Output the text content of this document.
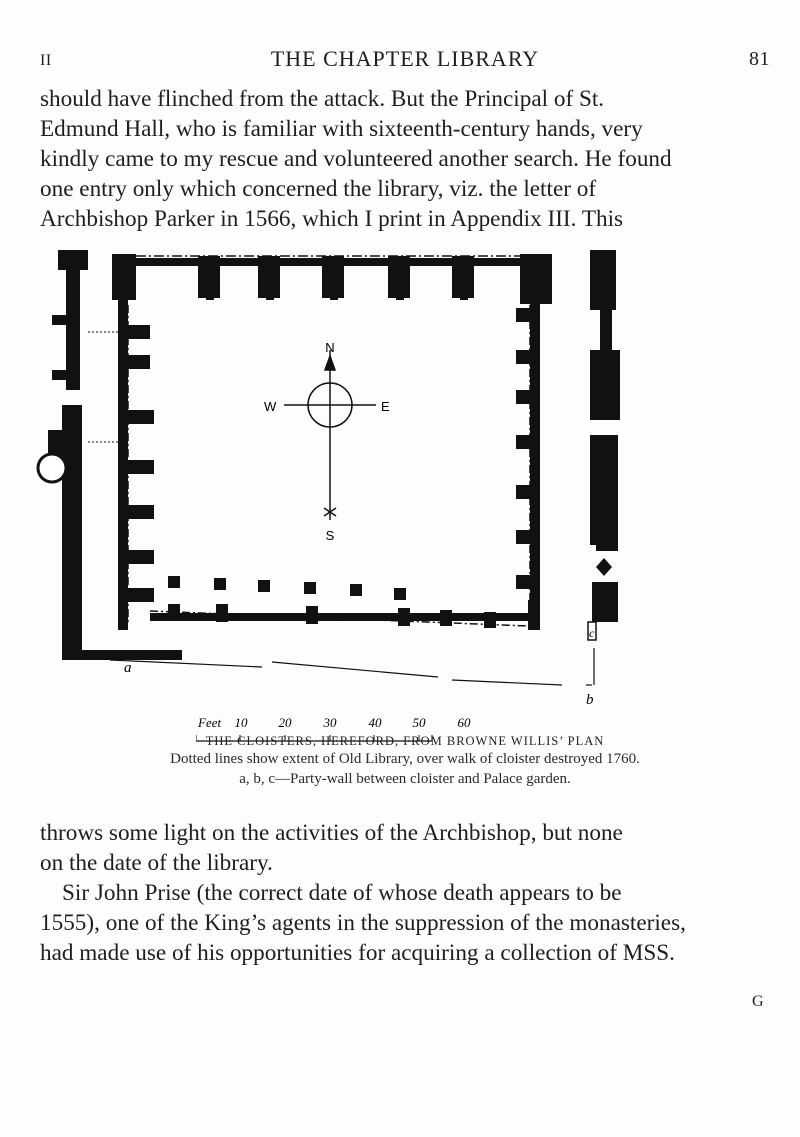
II	THE CHAPTER LIBRARY	81

should have flinched from the attack. But the Principal of St.
Edmund Hall, who is familiar with sixteenth-century hands, very
kindly came to my rescue and volunteered another search. He found
one entry only which concerned the library, viz. the letter of
Archbishop Parker in 1566, which I print in Appendix III. This

N
S
E
W
a
b
c
Feet 10 20 30 40 50 60
THE CLOISTERS, HEREFORD, FROM BROWNE WILLIS’ PLAN
Dotted lines show extent of Old Library, over walk of cloister destroyed 1760.
a, b, c—Party-wall between cloister and Palace garden.

throws some light on the activities of the Archbishop, but none
on the date of the library.

Sir John Prise (the correct date of whose death appears to be
1555), one of the King’s agents in the suppression of the monasteries,
had made use of his opportunities for acquiring a collection of MSS.

G
